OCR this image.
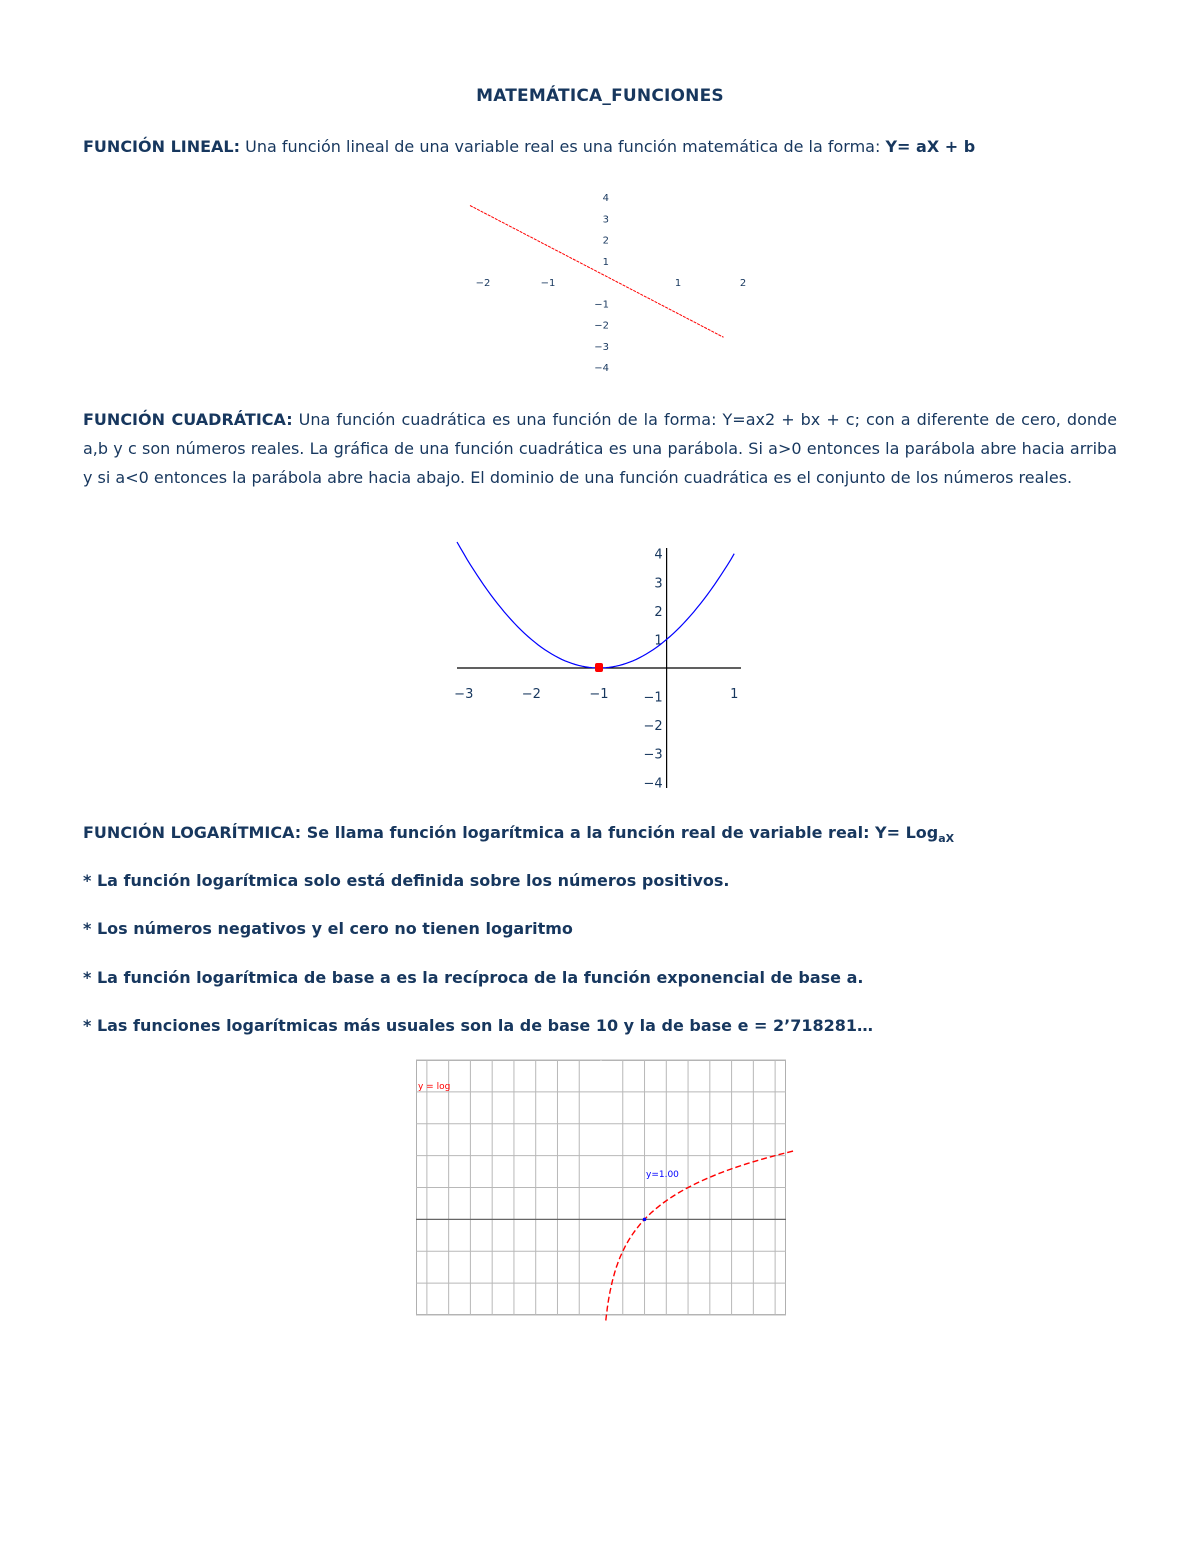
MATEMÁTICA_FUNCIONES
FUNCIÓN LINEAL: Una función lineal de una variable real es una función matemática de la forma: Y= aX + b
−2	−1	1	2
4
3
2
1
−1
−2
−3
−4
FUNCIÓN CUADRÁTICA: Una función cuadrática es una función de la forma: Y=ax2 + bx + c; con a diferente de cero, donde a,b y c son números reales. La gráfica de una función cuadrática es una parábola. Si a>0 entonces la parábola abre hacia arriba y si a<0 entonces la parábola abre hacia abajo. El dominio de una función cuadrática es el conjunto de los números reales.
−3	−2	−1	1
4
3
2
1
−1
−2
−3
−4
FUNCIÓN LOGARÍTMICA: Se llama función logarítmica a la función real de variable real: Y= Log$_{aX}$
* La función logarítmica solo está definida sobre los números positivos.
* Los números negativos y el cero no tienen logaritmo
* La función logarítmica de base a es la recíproca de la función exponencial de base a.
* Las funciones logarítmicas más usuales son la de base 10 y la de base e = 2’718281…
y = log
y=1.00
